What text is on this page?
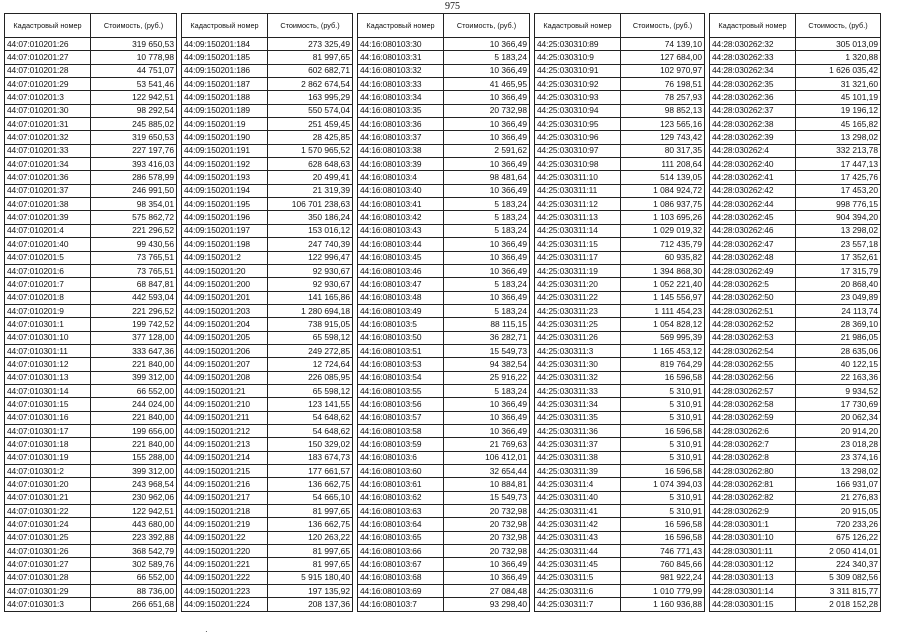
975
Кадастровый номер	Стоимость, (руб.)
44:07:010201:26	319 650,53
44:07:010201:27	10 778,98
44:07:010201:28	44 751,07
44:07:010201:29	53 541,46
44:07:010201:3	122 942,51
44:07:010201:30	98 292,54
44:07:010201:31	245 885,02
44:07:010201:32	319 650,53
44:07:010201:33	227 197,76
44:07:010201:34	393 416,03
44:07:010201:36	286 578,99
44:07:010201:37	246 991,50
44:07:010201:38	98 354,01
44:07:010201:39	575 862,72
44:07:010201:4	221 296,52
44:07:010201:40	99 430,56
44:07:010201:5	73 765,51
44:07:010201:6	73 765,51
44:07:010201:7	68 847,81
44:07:010201:8	442 593,04
44:07:010201:9	221 296,52
44:07:010301:1	199 742,52
44:07:010301:10	377 128,00
44:07:010301:11	333 647,36
44:07:010301:12	221 840,00
44:07:010301:13	399 312,00
44:07:010301:14	66 552,00
44:07:010301:15	244 024,00
44:07:010301:16	221 840,00
44:07:010301:17	199 656,00
44:07:010301:18	221 840,00
44:07:010301:19	155 288,00
44:07:010301:2	399 312,00
44:07:010301:20	243 968,54
44:07:010301:21	230 962,06
44:07:010301:22	122 942,51
44:07:010301:24	443 680,00
44:07:010301:25	223 392,88
44:07:010301:26	368 542,79
44:07:010301:27	302 589,76
44:07:010301:28	66 552,00
44:07:010301:29	88 736,00
44:07:010301:3	266 651,68
Кадастровый номер	Стоимость, (руб.)
44:09:150201:184	273 325,49
44:09:150201:185	81 997,65
44:09:150201:186	602 682,71
44:09:150201:187	2 862 674,54
44:09:150201:188	163 995,29
44:09:150201:189	550 574,04
44:09:150201:19	251 459,45
44:09:150201:190	28 425,85
44:09:150201:191	1 570 965,52
44:09:150201:192	628 648,63
44:09:150201:193	20 499,41
44:09:150201:194	21 319,39
44:09:150201:195	106 701 238,63
44:09:150201:196	350 186,24
44:09:150201:197	153 016,12
44:09:150201:198	247 740,39
44:09:150201:2	122 996,47
44:09:150201:20	92 930,67
44:09:150201:200	92 930,67
44:09:150201:201	141 165,86
44:09:150201:203	1 280 694,18
44:09:150201:204	738 915,05
44:09:150201:205	65 598,12
44:09:150201:206	249 272,85
44:09:150201:207	12 724,64
44:09:150201:208	226 085,95
44:09:150201:21	65 598,12
44:09:150201:210	123 141,55
44:09:150201:211	54 648,62
44:09:150201:212	54 648,62
44:09:150201:213	150 329,02
44:09:150201:214	183 674,73
44:09:150201:215	177 661,57
44:09:150201:216	136 662,75
44:09:150201:217	54 665,10
44:09:150201:218	81 997,65
44:09:150201:219	136 662,75
44:09:150201:22	120 263,22
44:09:150201:220	81 997,65
44:09:150201:221	81 997,65
44:09:150201:222	5 915 180,40
44:09:150201:223	197 135,92
44:09:150201:224	208 137,36
Кадастровый номер	Стоимость, (руб.)
44:16:080103:30	10 366,49
44:16:080103:31	5 183,24
44:16:080103:32	10 366,49
44:16:080103:33	41 465,95
44:16:080103:34	10 366,49
44:16:080103:35	20 732,98
44:16:080103:36	10 366,49
44:16:080103:37	10 366,49
44:16:080103:38	2 591,62
44:16:080103:39	10 366,49
44:16:080103:4	98 481,64
44:16:080103:40	10 366,49
44:16:080103:41	5 183,24
44:16:080103:42	5 183,24
44:16:080103:43	5 183,24
44:16:080103:44	10 366,49
44:16:080103:45	10 366,49
44:16:080103:46	10 366,49
44:16:080103:47	5 183,24
44:16:080103:48	10 366,49
44:16:080103:49	5 183,24
44:16:080103:5	88 115,15
44:16:080103:50	36 282,71
44:16:080103:51	15 549,73
44:16:080103:53	94 382,54
44:16:080103:54	25 916,22
44:16:080103:55	5 183,24
44:16:080103:56	10 366,49
44:16:080103:57	10 366,49
44:16:080103:58	10 366,49
44:16:080103:59	21 769,63
44:16:080103:6	106 412,01
44:16:080103:60	32 654,44
44:16:080103:61	10 884,81
44:16:080103:62	15 549,73
44:16:080103:63	20 732,98
44:16:080103:64	20 732,98
44:16:080103:65	20 732,98
44:16:080103:66	20 732,98
44:16:080103:67	10 366,49
44:16:080103:68	10 366,49
44:16:080103:69	27 084,48
44:16:080103:7	93 298,40
Кадастровый номер	Стоимость, (руб.)
44:25:030310:89	74 139,10
44:25:030310:9	127 684,00
44:25:030310:91	102 970,97
44:25:030310:92	76 198,51
44:25:030310:93	78 257,93
44:25:030310:94	98 852,13
44:25:030310:95	123 565,16
44:25:030310:96	129 743,42
44:25:030310:97	80 317,35
44:25:030310:98	111 208,64
44:25:030311:10	514 139,05
44:25:030311:11	1 084 924,72
44:25:030311:12	1 086 937,75
44:25:030311:13	1 103 695,26
44:25:030311:14	1 029 019,32
44:25:030311:15	712 435,79
44:25:030311:17	60 935,82
44:25:030311:19	1 394 868,30
44:25:030311:20	1 052 221,40
44:25:030311:22	1 145 556,97
44:25:030311:23	1 111 454,23
44:25:030311:25	1 054 828,12
44:25:030311:26	569 995,39
44:25:030311:3	1 165 453,12
44:25:030311:30	819 764,29
44:25:030311:32	16 596,58
44:25:030311:33	5 310,91
44:25:030311:34	5 310,91
44:25:030311:35	5 310,91
44:25:030311:36	16 596,58
44:25:030311:37	5 310,91
44:25:030311:38	5 310,91
44:25:030311:39	16 596,58
44:25:030311:4	1 074 394,03
44:25:030311:40	5 310,91
44:25:030311:41	5 310,91
44:25:030311:42	16 596,58
44:25:030311:43	16 596,58
44:25:030311:44	746 771,43
44:25:030311:45	760 845,66
44:25:030311:5	981 922,24
44:25:030311:6	1 010 779,99
44:25:030311:7	1 160 936,88
Кадастровый номер	Стоимость, (руб.)
44:28:030262:32	305 013,09
44:28:030262:33	1 320,88
44:28:030262:34	1 626 035,42
44:28:030262:35	31 321,60
44:28:030262:36	45 101,19
44:28:030262:37	19 196,12
44:28:030262:38	45 165,82
44:28:030262:39	13 298,02
44:28:030262:4	332 213,78
44:28:030262:40	17 447,13
44:28:030262:41	17 425,76
44:28:030262:42	17 453,20
44:28:030262:44	998 776,15
44:28:030262:45	904 394,20
44:28:030262:46	13 298,02
44:28:030262:47	23 557,18
44:28:030262:48	17 352,61
44:28:030262:49	17 315,79
44:28:030262:5	20 868,40
44:28:030262:50	23 049,89
44:28:030262:51	24 113,74
44:28:030262:52	28 369,10
44:28:030262:53	21 986,05
44:28:030262:54	28 635,06
44:28:030262:55	40 122,15
44:28:030262:56	22 163,36
44:28:030262:57	9 934,52
44:28:030262:58	17 730,69
44:28:030262:59	20 062,34
44:28:030262:6	20 914,20
44:28:030262:7	23 018,28
44:28:030262:8	23 374,16
44:28:030262:80	13 298,02
44:28:030262:81	166 931,07
44:28:030262:82	21 276,83
44:28:030262:9	20 915,05
44:28:030301:1	720 233,26
44:28:030301:10	675 126,22
44:28:030301:11	2 050 414,01
44:28:030301:12	224 340,37
44:28:030301:13	5 309 082,56
44:28:030301:14	3 311 815,77
44:28:030301:15	2 018 152,28
·
